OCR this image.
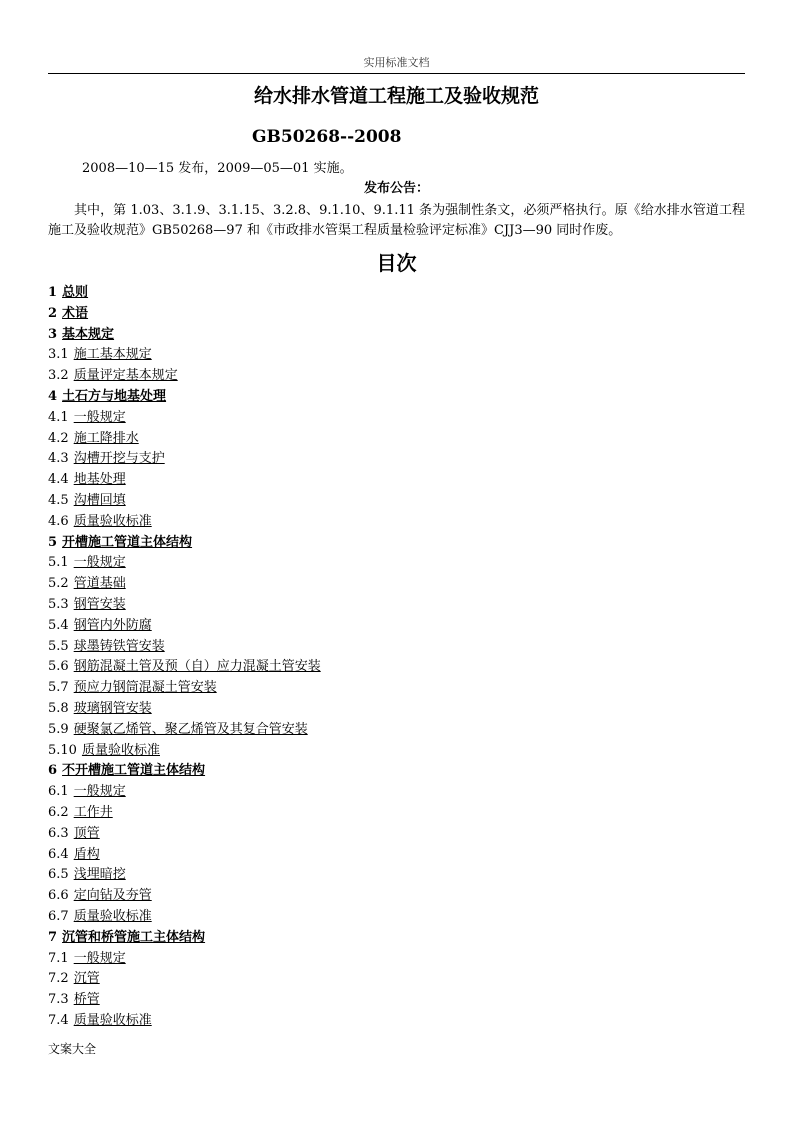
实用标准文档
给水排水管道工程施工及验收规范
GB50268--2008
2008—10—15 发布，2009—05—01 实施。
发布公告：
其中，第 1.03、3.1.9、3.1.15、3.2.8、9.1.10、9.1.11 条为强制性条文，必须严格执行。原《给水排水管道工程施工及验收规范》GB50268—97 和《市政排水管渠工程质量检验评定标准》CJJ3—90 同时作废。
目次
1 总则
2 术语
3 基本规定
3.1 施工基本规定
3.2 质量评定基本规定
4 土石方与地基处理
4.1 一般规定
4.2 施工降排水
4.3 沟槽开挖与支护
4.4 地基处理
4.5 沟槽回填
4.6 质量验收标准
5 开槽施工管道主体结构
5.1 一般规定
5.2 管道基础
5.3 钢管安装
5.4 钢管内外防腐
5.5 球墨铸铁管安装
5.6 钢筋混凝土管及预（自）应力混凝土管安装
5.7 预应力钢筒混凝土管安装
5.8 玻璃钢管安装
5.9 硬聚氯乙烯管、聚乙烯管及其复合管安装
5.10 质量验收标准
6 不开槽施工管道主体结构
6.1 一般规定
6.2 工作井
6.3 顶管
6.4 盾构
6.5 浅埋暗挖
6.6 定向钻及夯管
6.7 质量验收标准
7 沉管和桥管施工主体结构
7.1 一般规定
7.2 沉管
7.3 桥管
7.4 质量验收标准
文案大全
